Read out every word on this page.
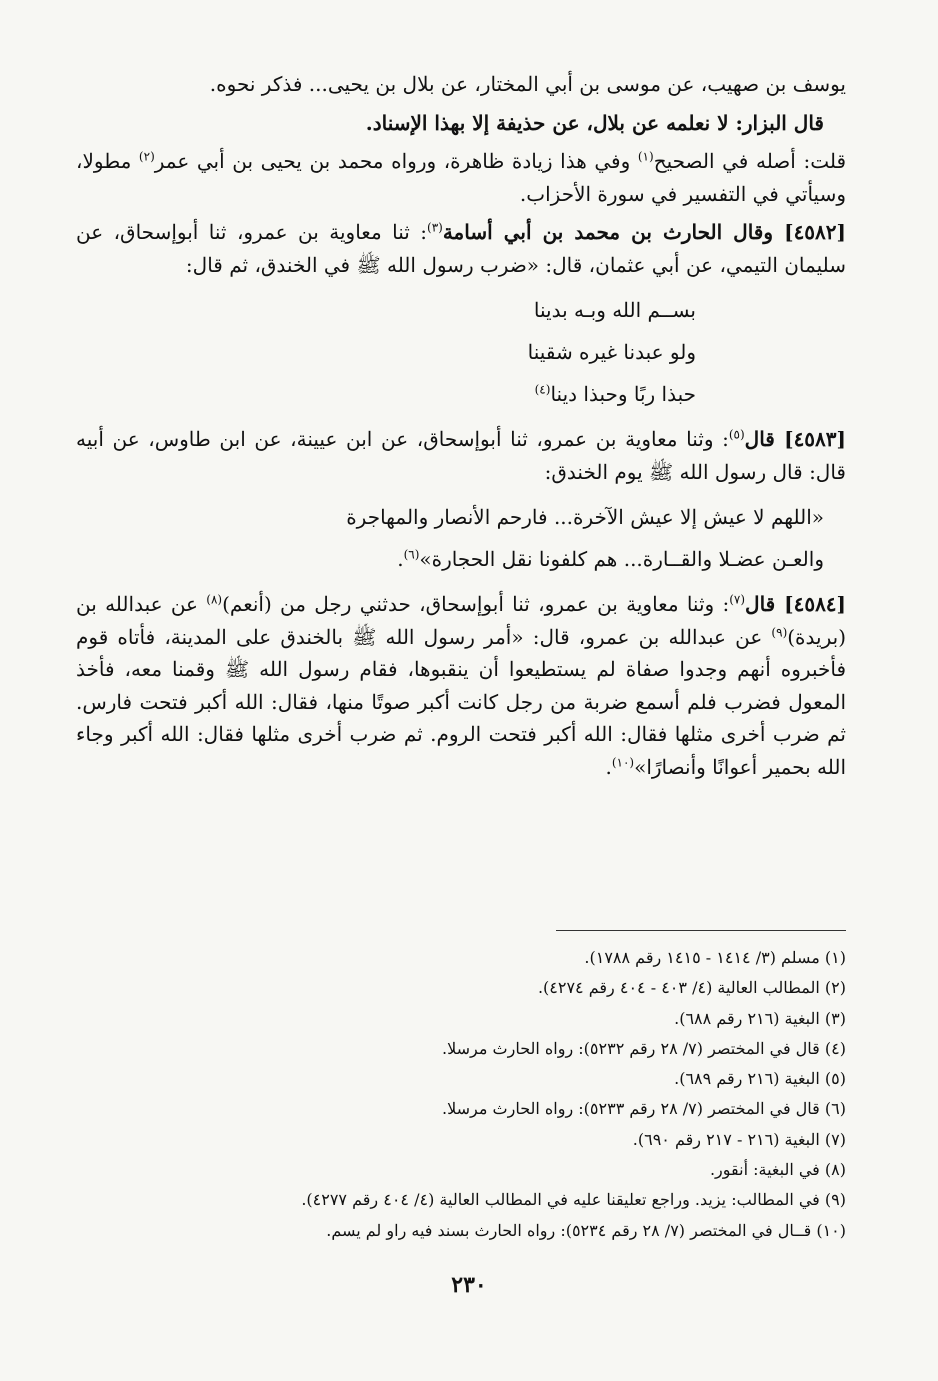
يوسف بن صهيب، عن موسى بن أبي المختار، عن بلال بن يحيى... فذكر نحوه.

قال البزار: لا نعلمه عن بلال، عن حذيفة إلا بهذا الإسناد.

قلت: أصله في الصحيح$^{(١)}$ وفي هذا زيادة ظاهرة، ورواه محمد بن يحيى بن أبي عمر$^{(٢)}$ مطولا، وسيأتي في التفسير في سورة الأحزاب.

[٤٥٨٢] وقال الحارث بن محمد بن أبي أسامة$^{(٣)}$: ثنا معاوية بن عمرو، ثنا أبوإسحاق، عن سليمان التيمي، عن أبي عثمان، قال: «ضرب رسول الله ﷺ في الخندق، ثم قال:

بســم الله وبـه بدينا
ولو عبدنا غيره شقينا
حبذا ربًا وحبذا دينا$^{(٤)}$

[٤٥٨٣] قال$^{(٥)}$: وثنا معاوية بن عمرو، ثنا أبوإسحاق، عن ابن عيينة، عن ابن طاوس، عن أبيه قال: قال رسول الله ﷺ يوم الخندق:

«اللهم لا عيش إلا عيش الآخرة... فارحم الأنصار والمهاجرة
والعـن عضـلا والقــارة... هم كلفونا نقل الحجارة»$^{(٦)}$.

[٤٥٨٤] قال$^{(٧)}$: وثنا معاوية بن عمرو، ثنا أبوإسحاق، حدثني رجل من (أنعم)$^{(٨)}$ عن عبدالله بن (بريدة)$^{(٩)}$ عن عبدالله بن عمرو، قال: «أمر رسول الله ﷺ بالخندق على المدينة، فأتاه قوم فأخبروه أنهم وجدوا صفاة لم يستطيعوا أن ينقبوها، فقام رسول الله ﷺ وقمنا معه، فأخذ المعول فضرب فلم أسمع ضربة من رجل كانت أكبر صوتًا منها، فقال: الله أكبر فتحت فارس. ثم ضرب أخرى مثلها فقال: الله أكبر فتحت الروم. ثم ضرب أخرى مثلها فقال: الله أكبر وجاء الله بحمير أعوانًا وأنصارًا»$^{(١٠)}$.

(١) مسلم (٣/ ١٤١٤ - ١٤١٥ رقم ١٧٨٨).
(٢) المطالب العالية (٤/ ٤٠٣ - ٤٠٤ رقم ٤٢٧٤).
(٣) البغية (٢١٦ رقم ٦٨٨).
(٤) قال في المختصر (٧/ ٢٨ رقم ٥٢٣٢): رواه الحارث مرسلا.
(٥) البغية (٢١٦ رقم ٦٨٩).
(٦) قال في المختصر (٧/ ٢٨ رقم ٥٢٣٣): رواه الحارث مرسلا.
(٧) البغية (٢١٦ - ٢١٧ رقم ٦٩٠).
(٨) في البغية: أنقور.
(٩) في المطالب: يزيد. وراجع تعليقنا عليه في المطالب العالية (٤/ ٤٠٤ رقم ٤٢٧٧).
(١٠) قــال في المختصر (٧/ ٢٨ رقم ٥٢٣٤): رواه الحارث بسند فيه راو لم يسم.
٢٣٠
